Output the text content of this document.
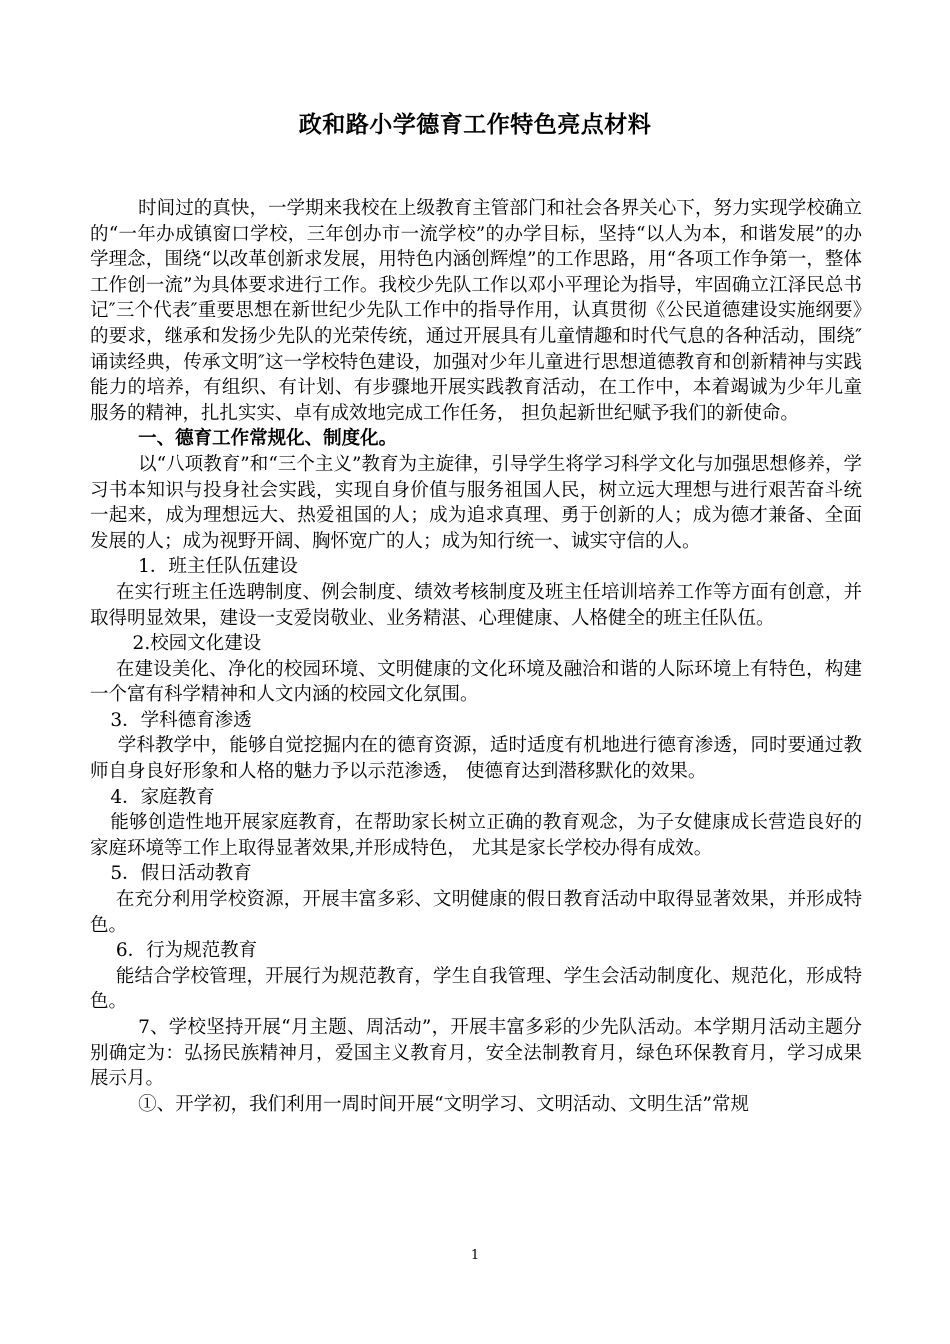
政和路小学德育工作特色亮点材料

时间过的真快，一学期来我校在上级教育主管部门和社会各界关心下，努力实现学校确立的“一年办成镇窗口学校，三年创办市一流学校”的办学目标，坚持“以人为本，和谐发展”的办学理念，围绕“以改革创新求发展，用特色内涵创辉煌”的工作思路，用“各项工作争第一，整体工作创一流”为具体要求进行工作。我校少先队工作以邓小平理论为指导，牢固确立江泽民总书记″三个代表″重要思想在新世纪少先队工作中的指导作用，认真贯彻《公民道德建设实施纲要》的要求，继承和发扬少先队的光荣传统，通过开展具有儿童情趣和时代气息的各种活动，围绕″诵读经典，传承文明″这一学校特色建设，加强对少年儿童进行思想道德教育和创新精神与实践能力的培养，有组织、有计划、有步骤地开展实践教育活动，在工作中，本着竭诚为少年儿童服务的精神，扎扎实实、卓有成效地完成工作任务， 担负起新世纪赋予我们的新使命。

一、德育工作常规化、制度化。

以“八项教育”和“三个主义”教育为主旋律，引导学生将学习科学文化与加强思想修养，学习书本知识与投身社会实践，实现自身价值与服务祖国人民，树立远大理想与进行艰苦奋斗统一起来，成为理想远大、热爱祖国的人；成为追求真理、勇于创新的人；成为德才兼备、全面发展的人；成为视野开阔、胸怀宽广的人；成为知行统一、诚实守信的人。

1．班主任队伍建设

在实行班主任选聘制度、例会制度、绩效考核制度及班主任培训培养工作等方面有创意，并取得明显效果，建设一支爱岗敬业、业务精湛、心理健康、人格健全的班主任队伍。

2.校园文化建设

在建设美化、净化的校园环境、文明健康的文化环境及融洽和谐的人际环境上有特色，构建一个富有科学精神和人文内涵的校园文化氛围。

3．学科德育渗透

学科教学中，能够自觉挖掘内在的德育资源，适时适度有机地进行德育渗透，同时要通过教师自身良好形象和人格的魅力予以示范渗透， 使德育达到潜移默化的效果。

4．家庭教育

能够创造性地开展家庭教育，在帮助家长树立正确的教育观念，为子女健康成长营造良好的家庭环境等工作上取得显著效果,并形成特色， 尤其是家长学校办得有成效。

5．假日活动教育

在充分利用学校资源，开展丰富多彩、文明健康的假日教育活动中取得显著效果，并形成特色。

6．行为规范教育

能结合学校管理，开展行为规范教育，学生自我管理、学生会活动制度化、规范化，形成特色。

7、学校坚持开展“月主题、周活动”，开展丰富多彩的少先队活动。本学期月活动主题分别确定为：弘扬民族精神月，爱国主义教育月，安全法制教育月，绿色环保教育月，学习成果展示月。

①、开学初，我们利用一周时间开展“文明学习、文明活动、文明生活”常规

1
